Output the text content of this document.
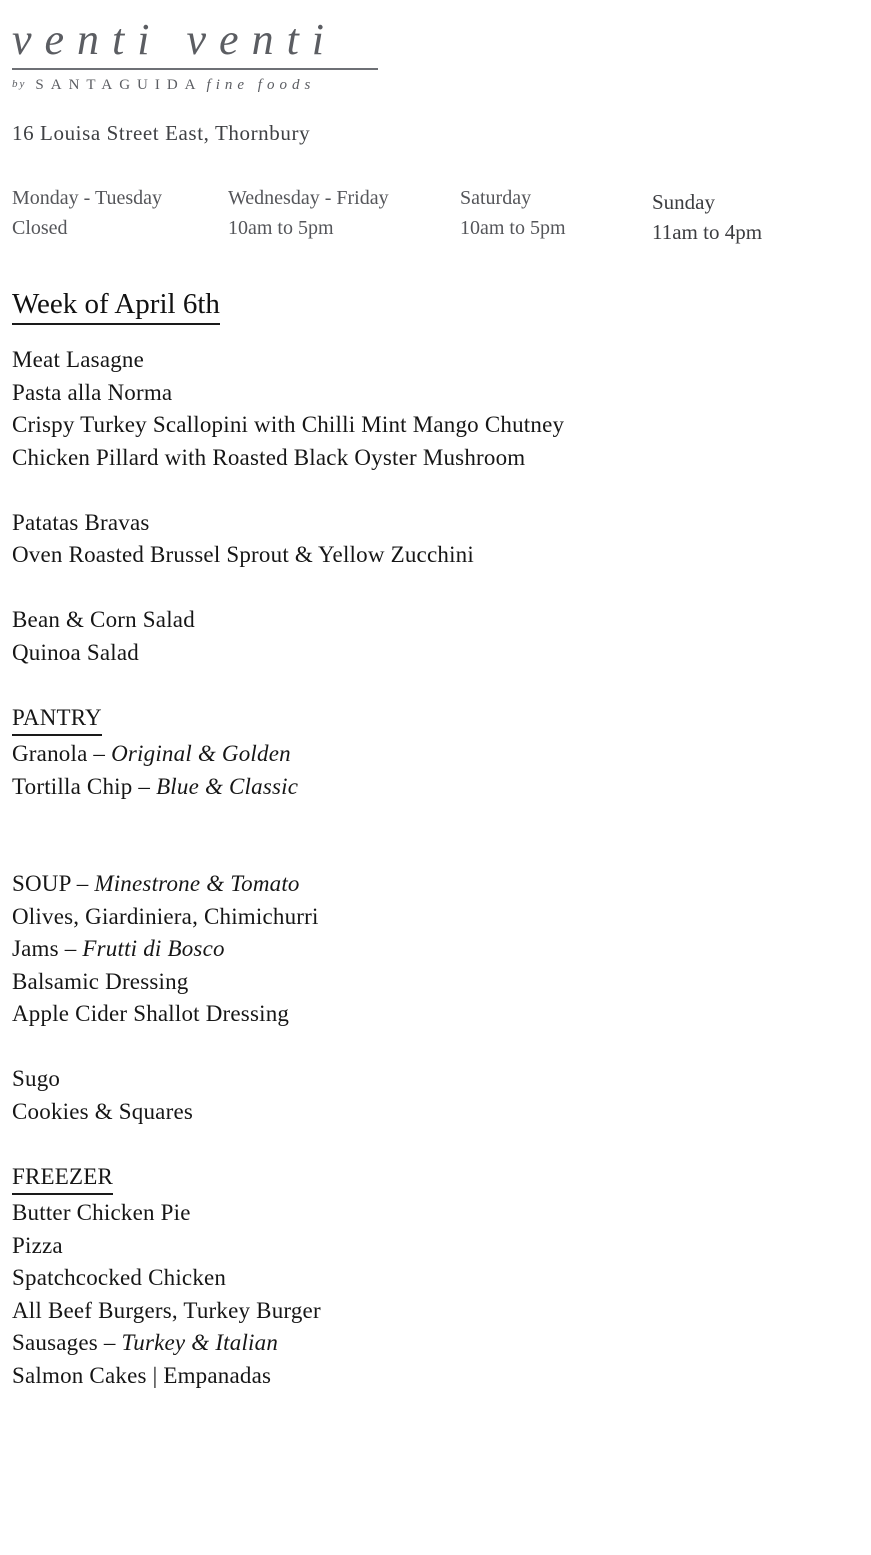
venti venti
by SANTAGUIDA fine foods
16 Louisa Street East, Thornbury
Monday - Tuesday
Closed
Wednesday - Friday
10am to 5pm
Saturday
10am to 5pm
Sunday
11am to 4pm
Week of April 6th
Meat Lasagne
Pasta alla Norma
Crispy Turkey Scallopini with Chilli Mint Mango Chutney
Chicken Pillard with Roasted Black Oyster Mushroom
Patatas Bravas
Oven Roasted Brussel Sprout & Yellow Zucchini
Bean & Corn Salad
Quinoa Salad
PANTRY
Granola – Original & Golden
Tortilla Chip – Blue & Classic
SOUP – Minestrone & Tomato
Olives, Giardiniera, Chimichurri
Jams – Frutti di Bosco
Balsamic Dressing
Apple Cider Shallot Dressing
Sugo
Cookies & Squares
FREEZER
Butter Chicken Pie
Pizza
Spatchcocked Chicken
All Beef Burgers, Turkey Burger
Sausages – Turkey & Italian
Salmon Cakes | Empanadas
